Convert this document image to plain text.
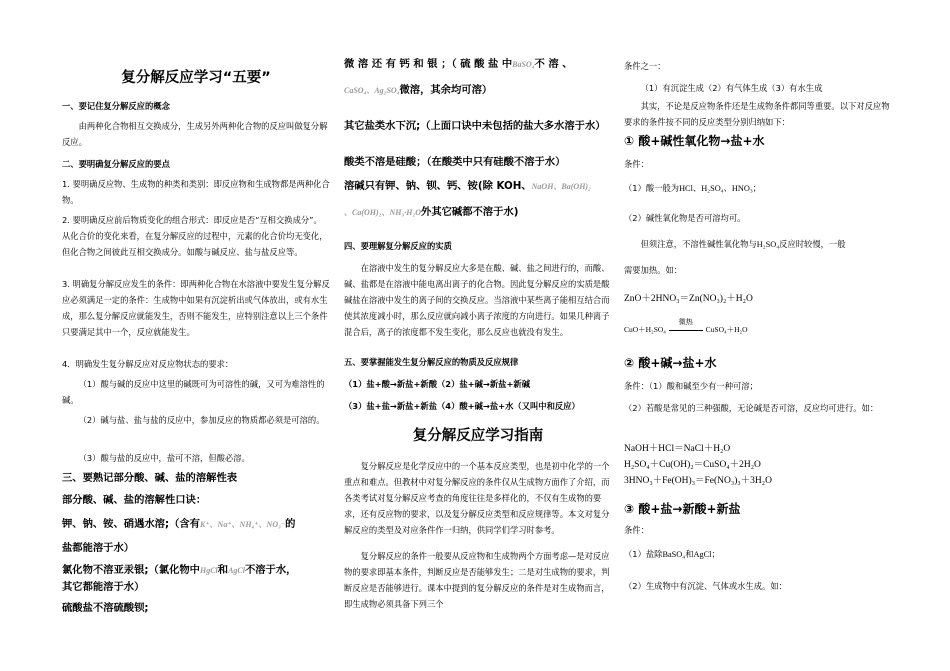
复分解反应学习“五要”
一、要记住复分解反应的概念
由两种化合物相互交换成分，生成另外两种化合物的反应叫做复分解反应。
二、要明确复分解反应的要点
1. 要明确反应物、生成物的种类和类别：即反应物和生成物都是两种化合物。
2. 要明确反应前后物质变化的组合形式：即反应是否“互相交换成分”。从化合价的变化来看，在复分解反应的过程中，元素的化合价均无变化，但化合物之间彼此互相交换成分。如酸与碱反应、盐与盐反应等。
3. 明确复分解反应发生的条件：即两种化合物在水溶液中要发生复分解反应必须满足一定的条件：生成物中如果有沉淀析出或气体放出，或有水生成，那么复分解反应就能发生，否则不能发生，应特别注意以上三个条件只要满足其中一个，反应就能发生。
4．明确发生复分解反应对反应物状态的要求：
（1）酸与碱的反应中这里的碱既可为可溶性的碱，又可为难溶性的碱。
（2）碱与盐、盐与盐的反应中，参加反应的物质都必须是可溶的。
（3）酸与盐的反应中，盐可不溶，但酸必溶。
三、要熟记部分酸、碱、盐的溶解性表
部分酸、碱、盐的溶解性口诀：
钾、钠、铵、硝遇水溶;（含有K⁺、Na⁺、NH₄⁺、NO₃⁻的
盐都能溶于水）
氯化物不溶亚汞银;（氯化物中HgCl和AgCl不溶于水，
其它都能溶于水）
硫酸盐不溶硫酸钡;
微 溶 还 有 钙 和 银 ；（ 硫 酸 盐 中BaSO₄不 溶 、
CaSO₄、Ag₂SO₄微溶，其余均可溶）
其它盐类水下沉;（上面口诀中未包括的盐大多水溶于水）
酸类不溶是硅酸；（在酸类中只有硅酸不溶于水）
溶碱只有钾、钠、钡、钙、铵(除 KOH、NaOH、Ba(OH)₂
、Ca(OH)₂、NH₃·H₂O外其它碱都不溶于水)
四、要理解复分解反应的实质
在溶液中发生的复分解反应大多是在酸、碱、盐之间进行的，而酸、碱、盐都是在溶液中能电离出离子的化合物。因此复分解反应的实质是酸碱盐在溶液中发生的离子间的交换反应。当溶液中某些离子能相互结合而使其浓度减小时，那么反应就向减小离子浓度的方向进行。如果几种离子混合后，离子的浓度都不发生变化，那么反应也就没有发生。
五、要掌握能发生复分解反应的物质及反应规律
（1）盐+酸→新盐+新酸（2）盐+碱→新盐+新碱
（3）盐+盐→新盐+新盐（4）酸+碱→盐+水（又叫中和反应）
复分解反应学习指南
复分解反应是化学反应中的一个基本反应类型，也是初中化学的一个重点和难点。但教材中对复分解反应的条件仅从生成物方面作了介绍，而各类考试对复分解反应考查的角度往往是多样化的，不仅有生成物的要求，还有反应物的要求，以及复分解反应类型和反应规律等。本文对复分解反应的类型及对应条件作一归纳，供同学们学习时参考。
复分解反应的条件一般要从反应物和生成物两个方面考虑—是对反应物的要求即基本条件，判断反应是否能够发生；二是对生成物的要求，判断反应是否能够进行。课本中提到的复分解反应的条件是对生成物而言，即生成物必须具备下列三个
条件之一：
（1）有沉淀生成（2）有气体生成（3）有水生成
其实，不论是反应物条件还是生成物条件都同等重要。以下对反应物要求的条件按不同的反应类型分别归纳如下：
① 酸+碱性氧化物→盐+水
条件：
（1）酸一般为HCl、H₂SO₄、HNO₃；
（2）碱性氧化物是否可溶均可。
但须注意，不溶性碱性氧化物与H₂SO₄反应时较慢，一般
需要加热。如：
ZnO＋2HNO₃＝Zn(NO₃)₂＋H₂O
CuO＋H₂SO₄
微热
CuSO₄＋H₂O
② 酸+碱→盐+水
条件：（1）酸和碱至少有一种可溶；
（2）若酸是常见的三种强酸，无论碱是否可溶，反应均可进行。如：
NaOH＋HCl＝NaCl＋H₂O
H₂SO₄＋Cu(OH)₂＝CuSO₄＋2H₂O
3HNO₃＋Fe(OH)₃＝Fe(NO₃)₃＋3H₂O
③ 酸+盐→新酸+新盐
条件：
（1）盐除BaSO₄和AgCl；
（2）生成物中有沉淀、气体或水生成。如：
